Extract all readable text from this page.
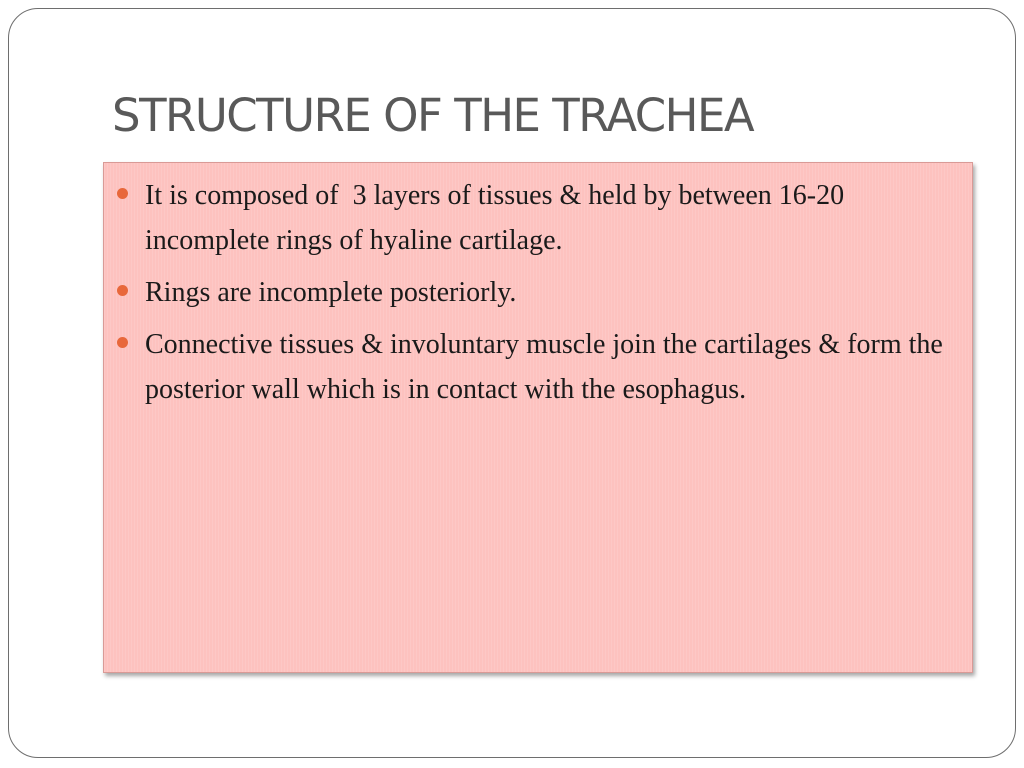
STRUCTURE OF THE TRACHEA
It is composed of  3 layers of tissues & held by between 16-20 incomplete rings of hyaline cartilage.
Rings are incomplete posteriorly.
Connective tissues & involuntary muscle join the cartilages & form the posterior wall which is in contact with the esophagus.
